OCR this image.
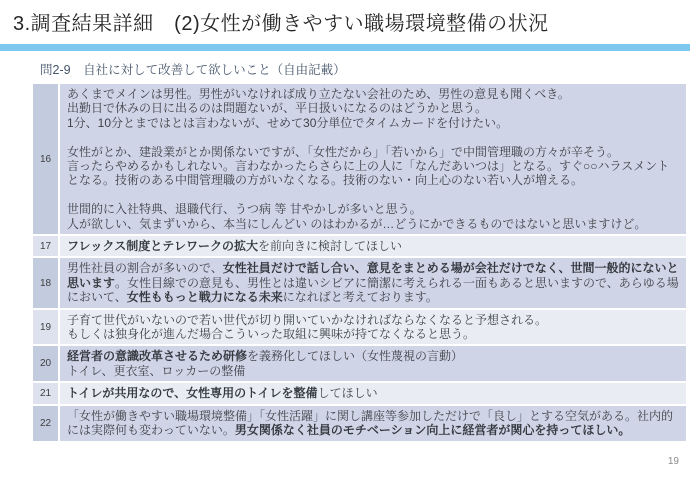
3.調査結果詳細　(2)女性が働きやすい職場環境整備の状況
問2-9　自社に対して改善して欲しいこと（自由記載）
16
あくまでメインは男性。男性がいなければ成り立たない会社のため、男性の意見も聞くべき。
出勤日で休みの日に出るのは問題ないが、平日扱いになるのはどうかと思う。
1分、10分とまではとは言わないが、せめて30分単位でタイムカードを付けたい。
女性がとか、建設業がとか関係ないですが、「女性だから」「若いから」で中間管理職の方々が辛そう。
言ったらやめるかもしれない。言わなかったらさらに上の人に「なんだあいつは」となる。すぐ○○ハラスメントとなる。技術のある中間管理職の方がいなくなる。技術のない・向上心のない若い人が増える。
世間的に入社特典、退職代行、うつ病 等 甘やかしが多いと思う。
人が欲しい、気まずいから、本当にしんどい のはわかるが…どうにかできるものではないと思いますけど。
17	フレックス制度とテレワークの拡大を前向きに検討してほしい
18
男性社員の割合が多いので、女性社員だけで話し合い、意見をまとめる場が会社だけでなく、世間一般的にないと思います。女性目線での意見も、男性とは違いシビアに簡潔に考えられる一面もあると思いますので、あらゆる場において、女性ももっと戦力になる未来になればと考えております。
19
子育て世代がいないので若い世代が切り開いていかなければならなくなると予想される。
もしくは独身化が進んだ場合こういった取組に興味が持てなくなると思う。
20
経営者の意識改革させるため研修を義務化してほしい（女性蔑視の言動）
トイレ、更衣室、ロッカーの整備
21	トイレが共用なので、女性専用のトイレを整備してほしい
22
「女性が働きやすい職場環境整備」「女性活躍」に関し講座等参加しただけで「良し」とする空気がある。社内的には実際何も変わっていない。男女関係なく社員のモチベーション向上に経営者が関心を持ってほしい。
19
